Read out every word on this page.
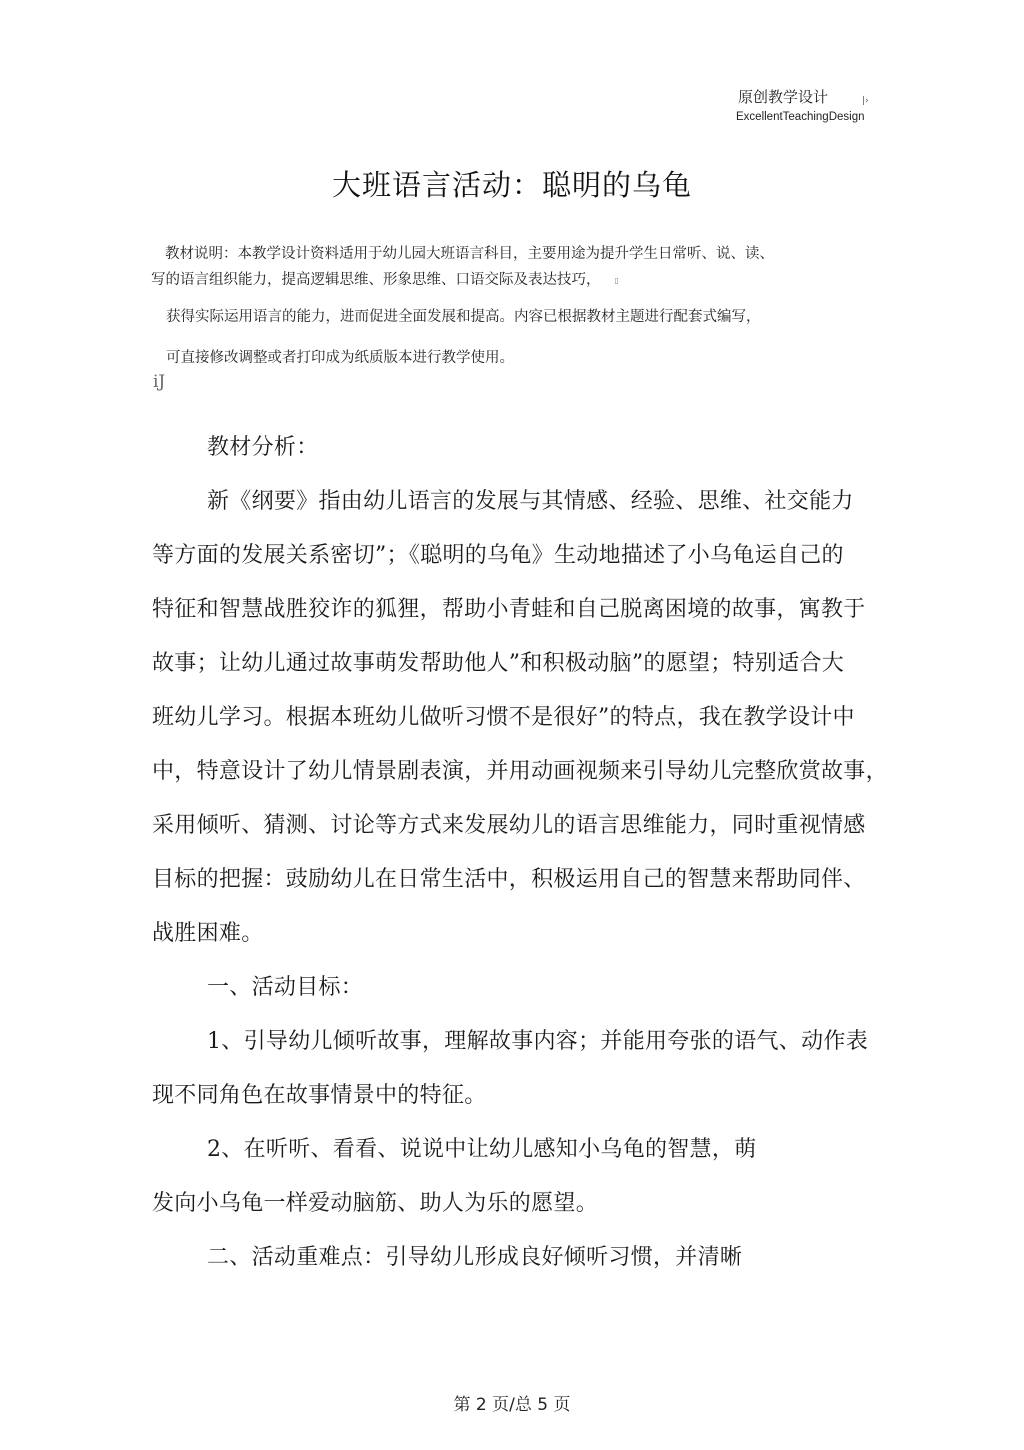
原创教学设计	|›
ExcellentTeachingDesign
大班语言活动：聪明的乌龟
教材说明：本教学设计资料适用于幼儿园大班语言科目，主要用途为提升学生日常听、说、读、
写的语言组织能力，提高逻辑思维、形象思维、口语交际及表达技巧， ▯
获得实际运用语言的能力，进而促进全面发展和提高。内容已根据教材主题进行配套式编写，
可直接修改调整或者打印成为纸质版本进行教学使用。
iJ
教材分析：
新《纲要》指由幼儿语言的发展与其情感、经验、思维、社交能力
等方面的发展关系密切”；《聪明的乌龟》生动地描述了小乌龟运自己的
特征和智慧战胜狡诈的狐狸，帮助小青蛙和自己脱离困境的故事，寓教于
故事；让幼儿通过故事萌发帮助他人”和积极动脑”的愿望；特别适合大
班幼儿学习。根据本班幼儿做听习惯不是很好”的特点，我在教学设计中
中，特意设计了幼儿情景剧表演，并用动画视频来引导幼儿完整欣赏故事，
采用倾听、猜测、讨论等方式来发展幼儿的语言思维能力，同时重视情感
目标的把握：豉励幼儿在日常生活中，积极运用自己的智慧来帮助同伴、
战胜困难。
一、活动目标：
1、引导幼儿倾听故事，理解故事内容；并能用夸张的语气、动作表
现不同角色在故事情景中的特征。
2、在听听、看看、说说中让幼儿感知小乌龟的智慧，萌
发向小乌龟一样爱动脑筋、助人为乐的愿望。
二、活动重难点：引导幼儿形成良好倾听习惯，并清晰
第 2 页/总 5 页
